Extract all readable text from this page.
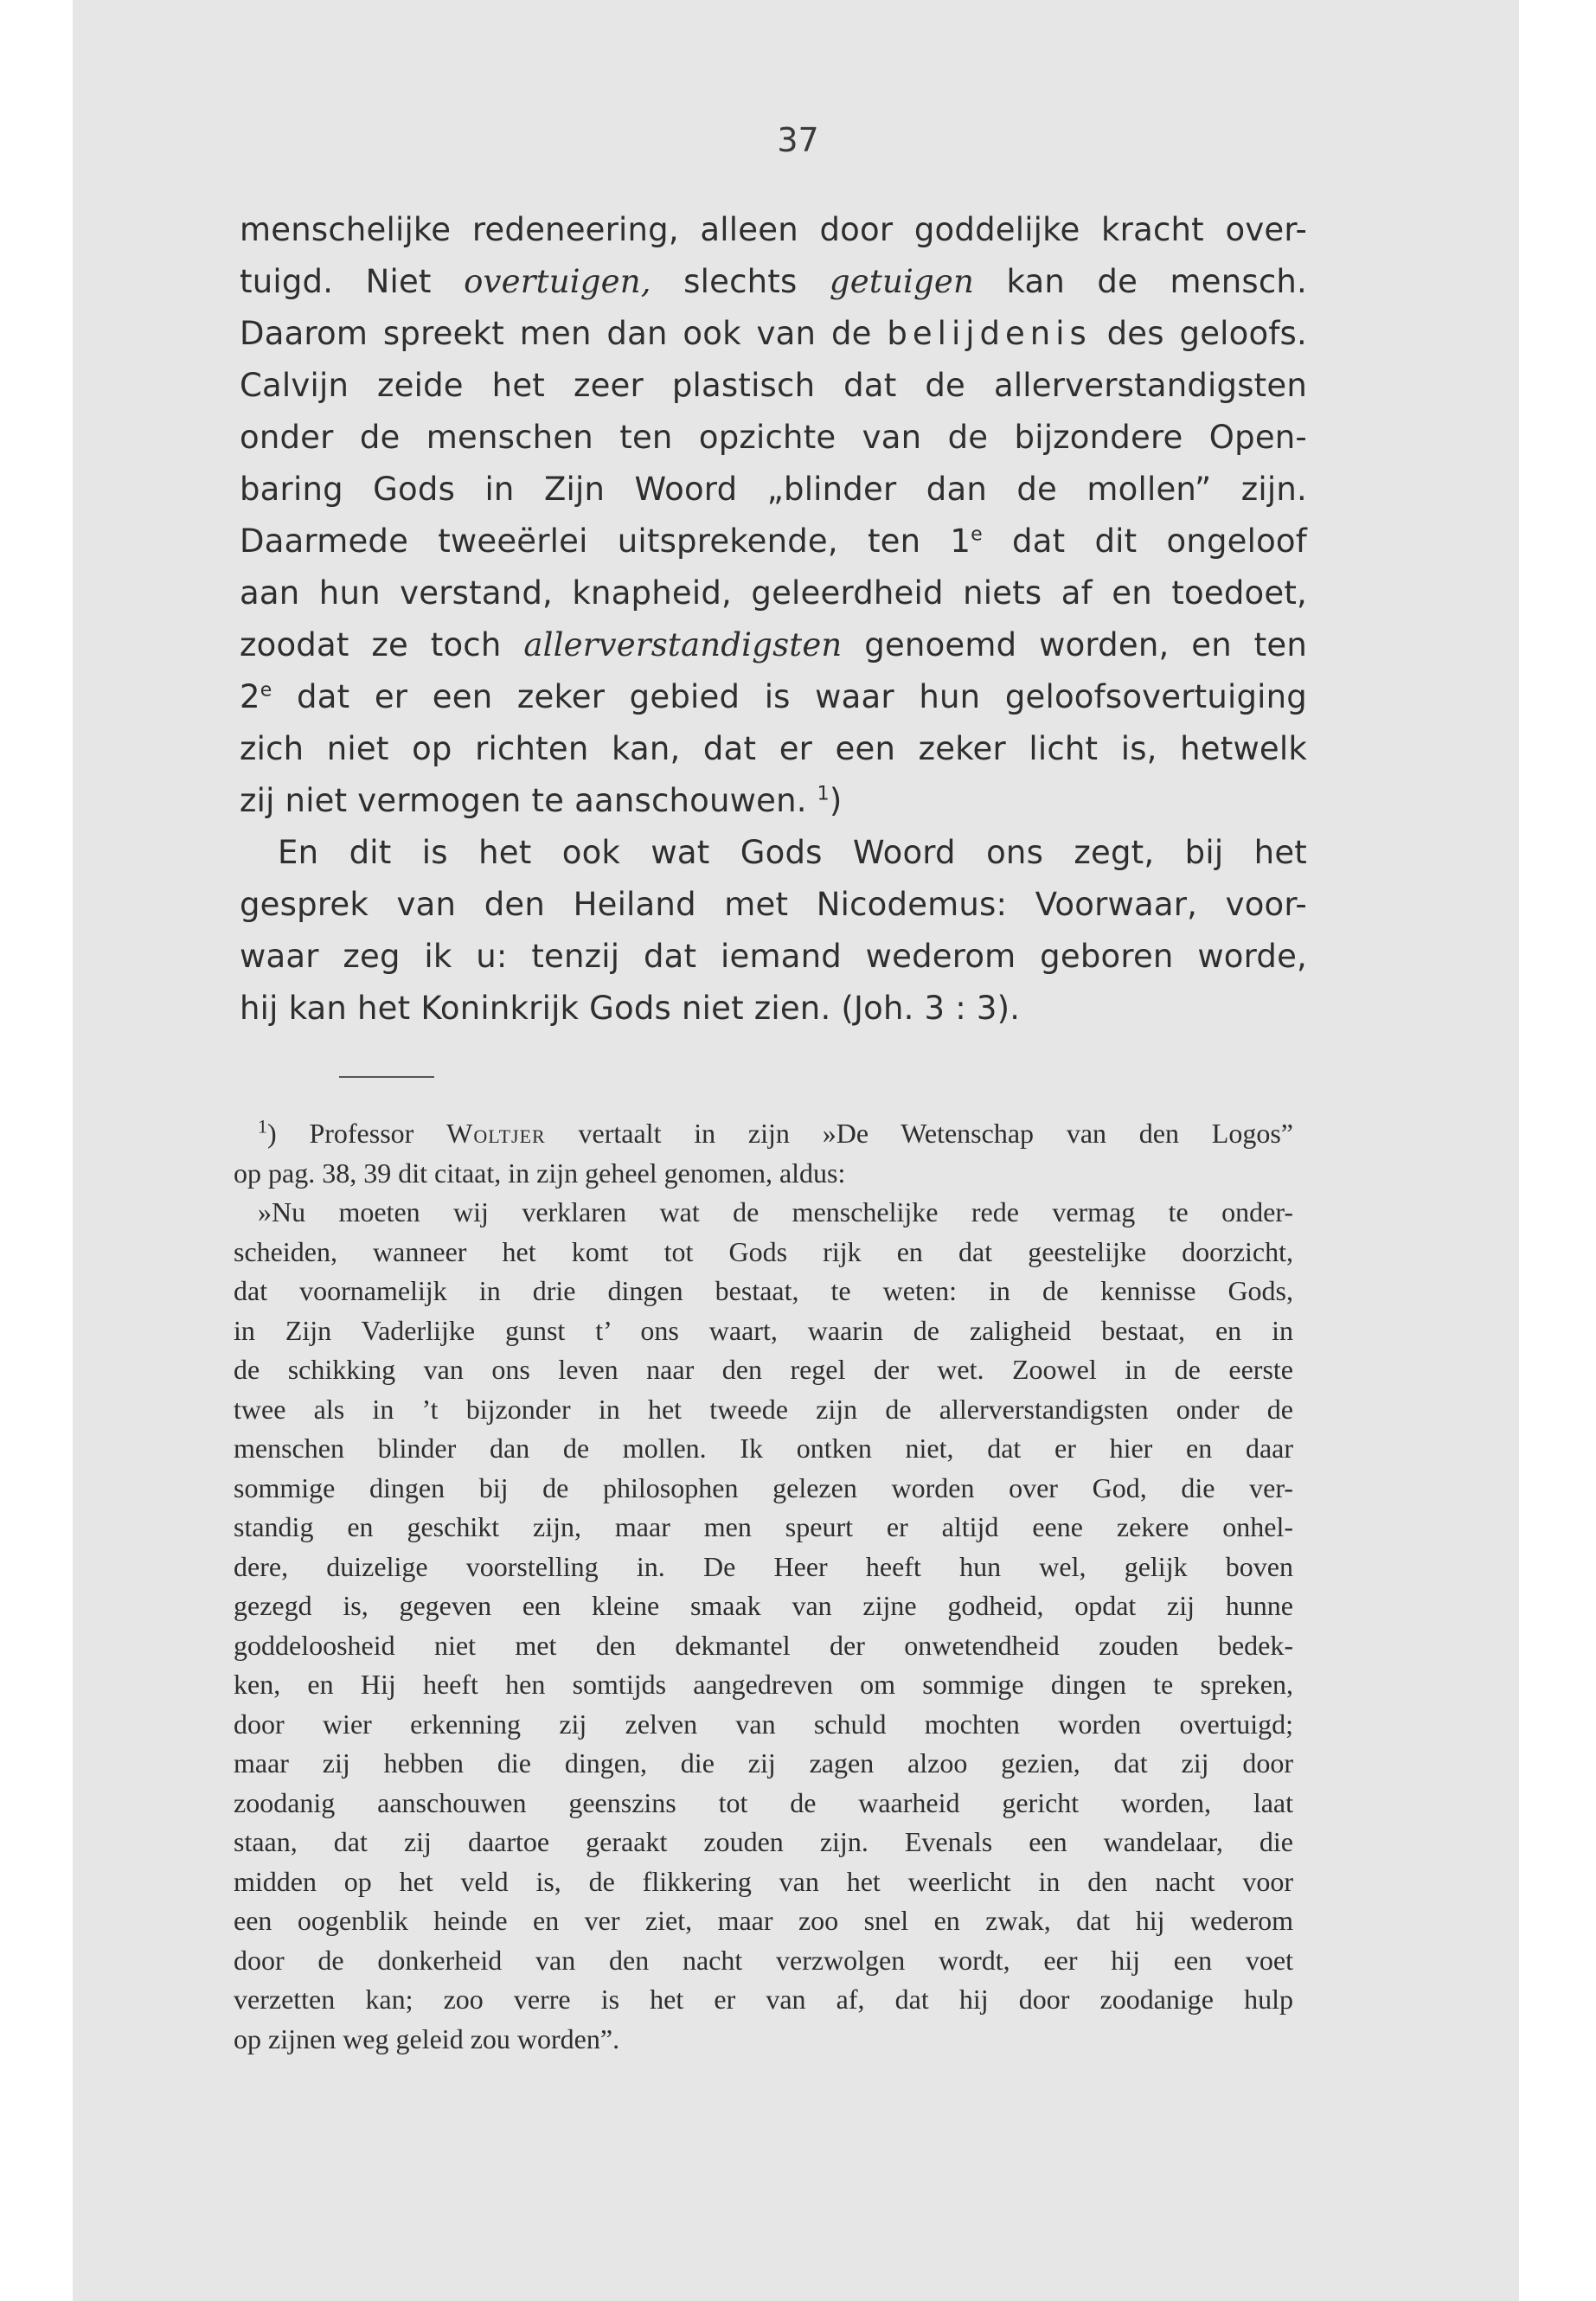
37
menschelijke redeneering, alleen door goddelijke kracht over-
tuigd. Niet overtuigen, slechts getuigen kan de mensch.
Daarom spreekt men dan ook van de belijdenis des geloofs.
Calvijn zeide het zeer plastisch dat de allerverstandigsten
onder de menschen ten opzichte van de bijzondere Open-
baring Gods in Zijn Woord „blinder dan de mollen” zijn.
Daarmede tweeërlei uitsprekende, ten 1e dat dit ongeloof
aan hun verstand, knapheid, geleerdheid niets af en toedoet,
zoodat ze toch allerverstandigsten genoemd worden, en ten
2e dat er een zeker gebied is waar hun geloofsovertuiging
zich niet op richten kan, dat er een zeker licht is, hetwelk
zij niet vermogen te aanschouwen. $^1$)
En dit is het ook wat Gods Woord ons zegt, bij het
gesprek van den Heiland met Nicodemus: Voorwaar, voor-
waar zeg ik u: tenzij dat iemand wederom geboren worde,
hij kan het Koninkrijk Gods niet zien. (Joh. 3 : 3).
$^1$) Professor Woltjer vertaalt in zijn »De Wetenschap van den Logos”
op pag. 38, 39 dit citaat, in zijn geheel genomen, aldus:
»Nu moeten wij verklaren wat de menschelijke rede vermag te onder-
scheiden, wanneer het komt tot Gods rijk en dat geestelijke doorzicht,
dat voornamelijk in drie dingen bestaat, te weten: in de kennisse Gods,
in Zijn Vaderlijke gunst t’ ons waart, waarin de zaligheid bestaat, en in
de schikking van ons leven naar den regel der wet. Zoowel in de eerste
twee als in ’t bijzonder in het tweede zijn de allerverstandigsten onder de
menschen blinder dan de mollen. Ik ontken niet, dat er hier en daar
sommige dingen bij de philosophen gelezen worden over God, die ver-
standig en geschikt zijn, maar men speurt er altijd eene zekere onhel-
dere, duizelige voorstelling in. De Heer heeft hun wel, gelijk boven
gezegd is, gegeven een kleine smaak van zijne godheid, opdat zij hunne
goddeloosheid niet met den dekmantel der onwetendheid zouden bedek-
ken, en Hij heeft hen somtijds aangedreven om sommige dingen te spreken,
door wier erkenning zij zelven van schuld mochten worden overtuigd;
maar zij hebben die dingen, die zij zagen alzoo gezien, dat zij door
zoodanig aanschouwen geenszins tot de waarheid gericht worden, laat
staan, dat zij daartoe geraakt zouden zijn. Evenals een wandelaar, die
midden op het veld is, de flikkering van het weerlicht in den nacht voor
een oogenblik heinde en ver ziet, maar zoo snel en zwak, dat hij wederom
door de donkerheid van den nacht verzwolgen wordt, eer hij een voet
verzetten kan; zoo verre is het er van af, dat hij door zoodanige hulp
op zijnen weg geleid zou worden”.
